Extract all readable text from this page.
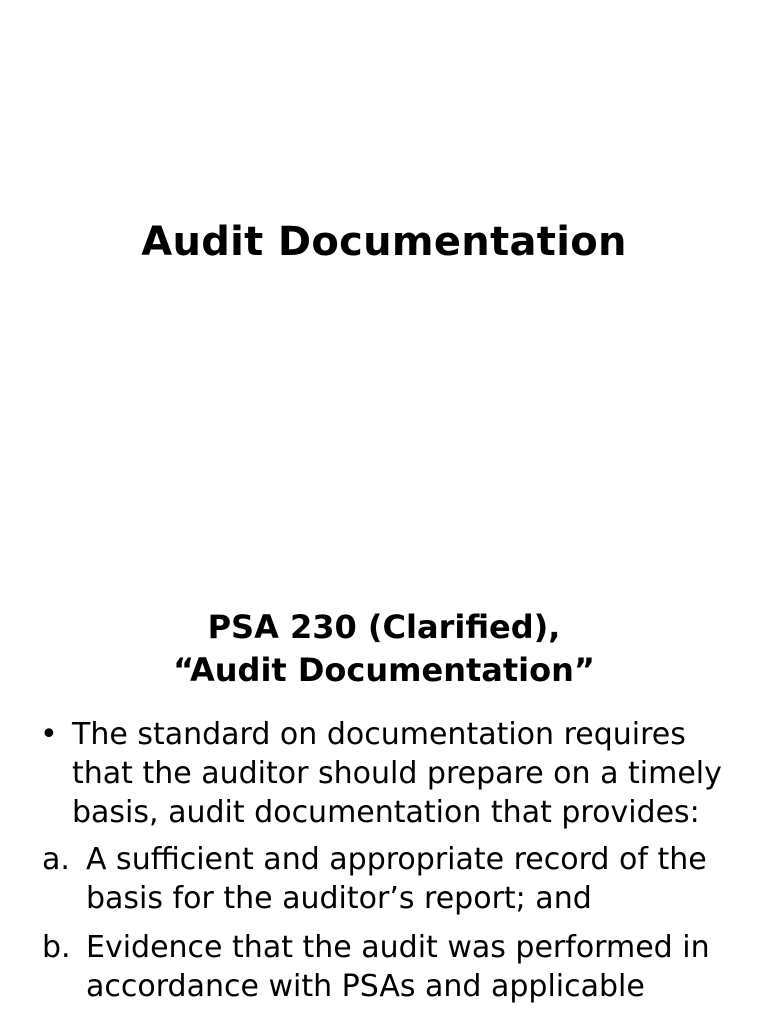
Audit Documentation
PSA 230 (Clarified),
“Audit Documentation”
• The standard on documentation requires that the auditor should prepare on a timely basis, audit documentation that provides:
a. A sufficient and appropriate record of the basis for the auditor’s report; and
b. Evidence that the audit was performed in accordance with PSAs and applicable
